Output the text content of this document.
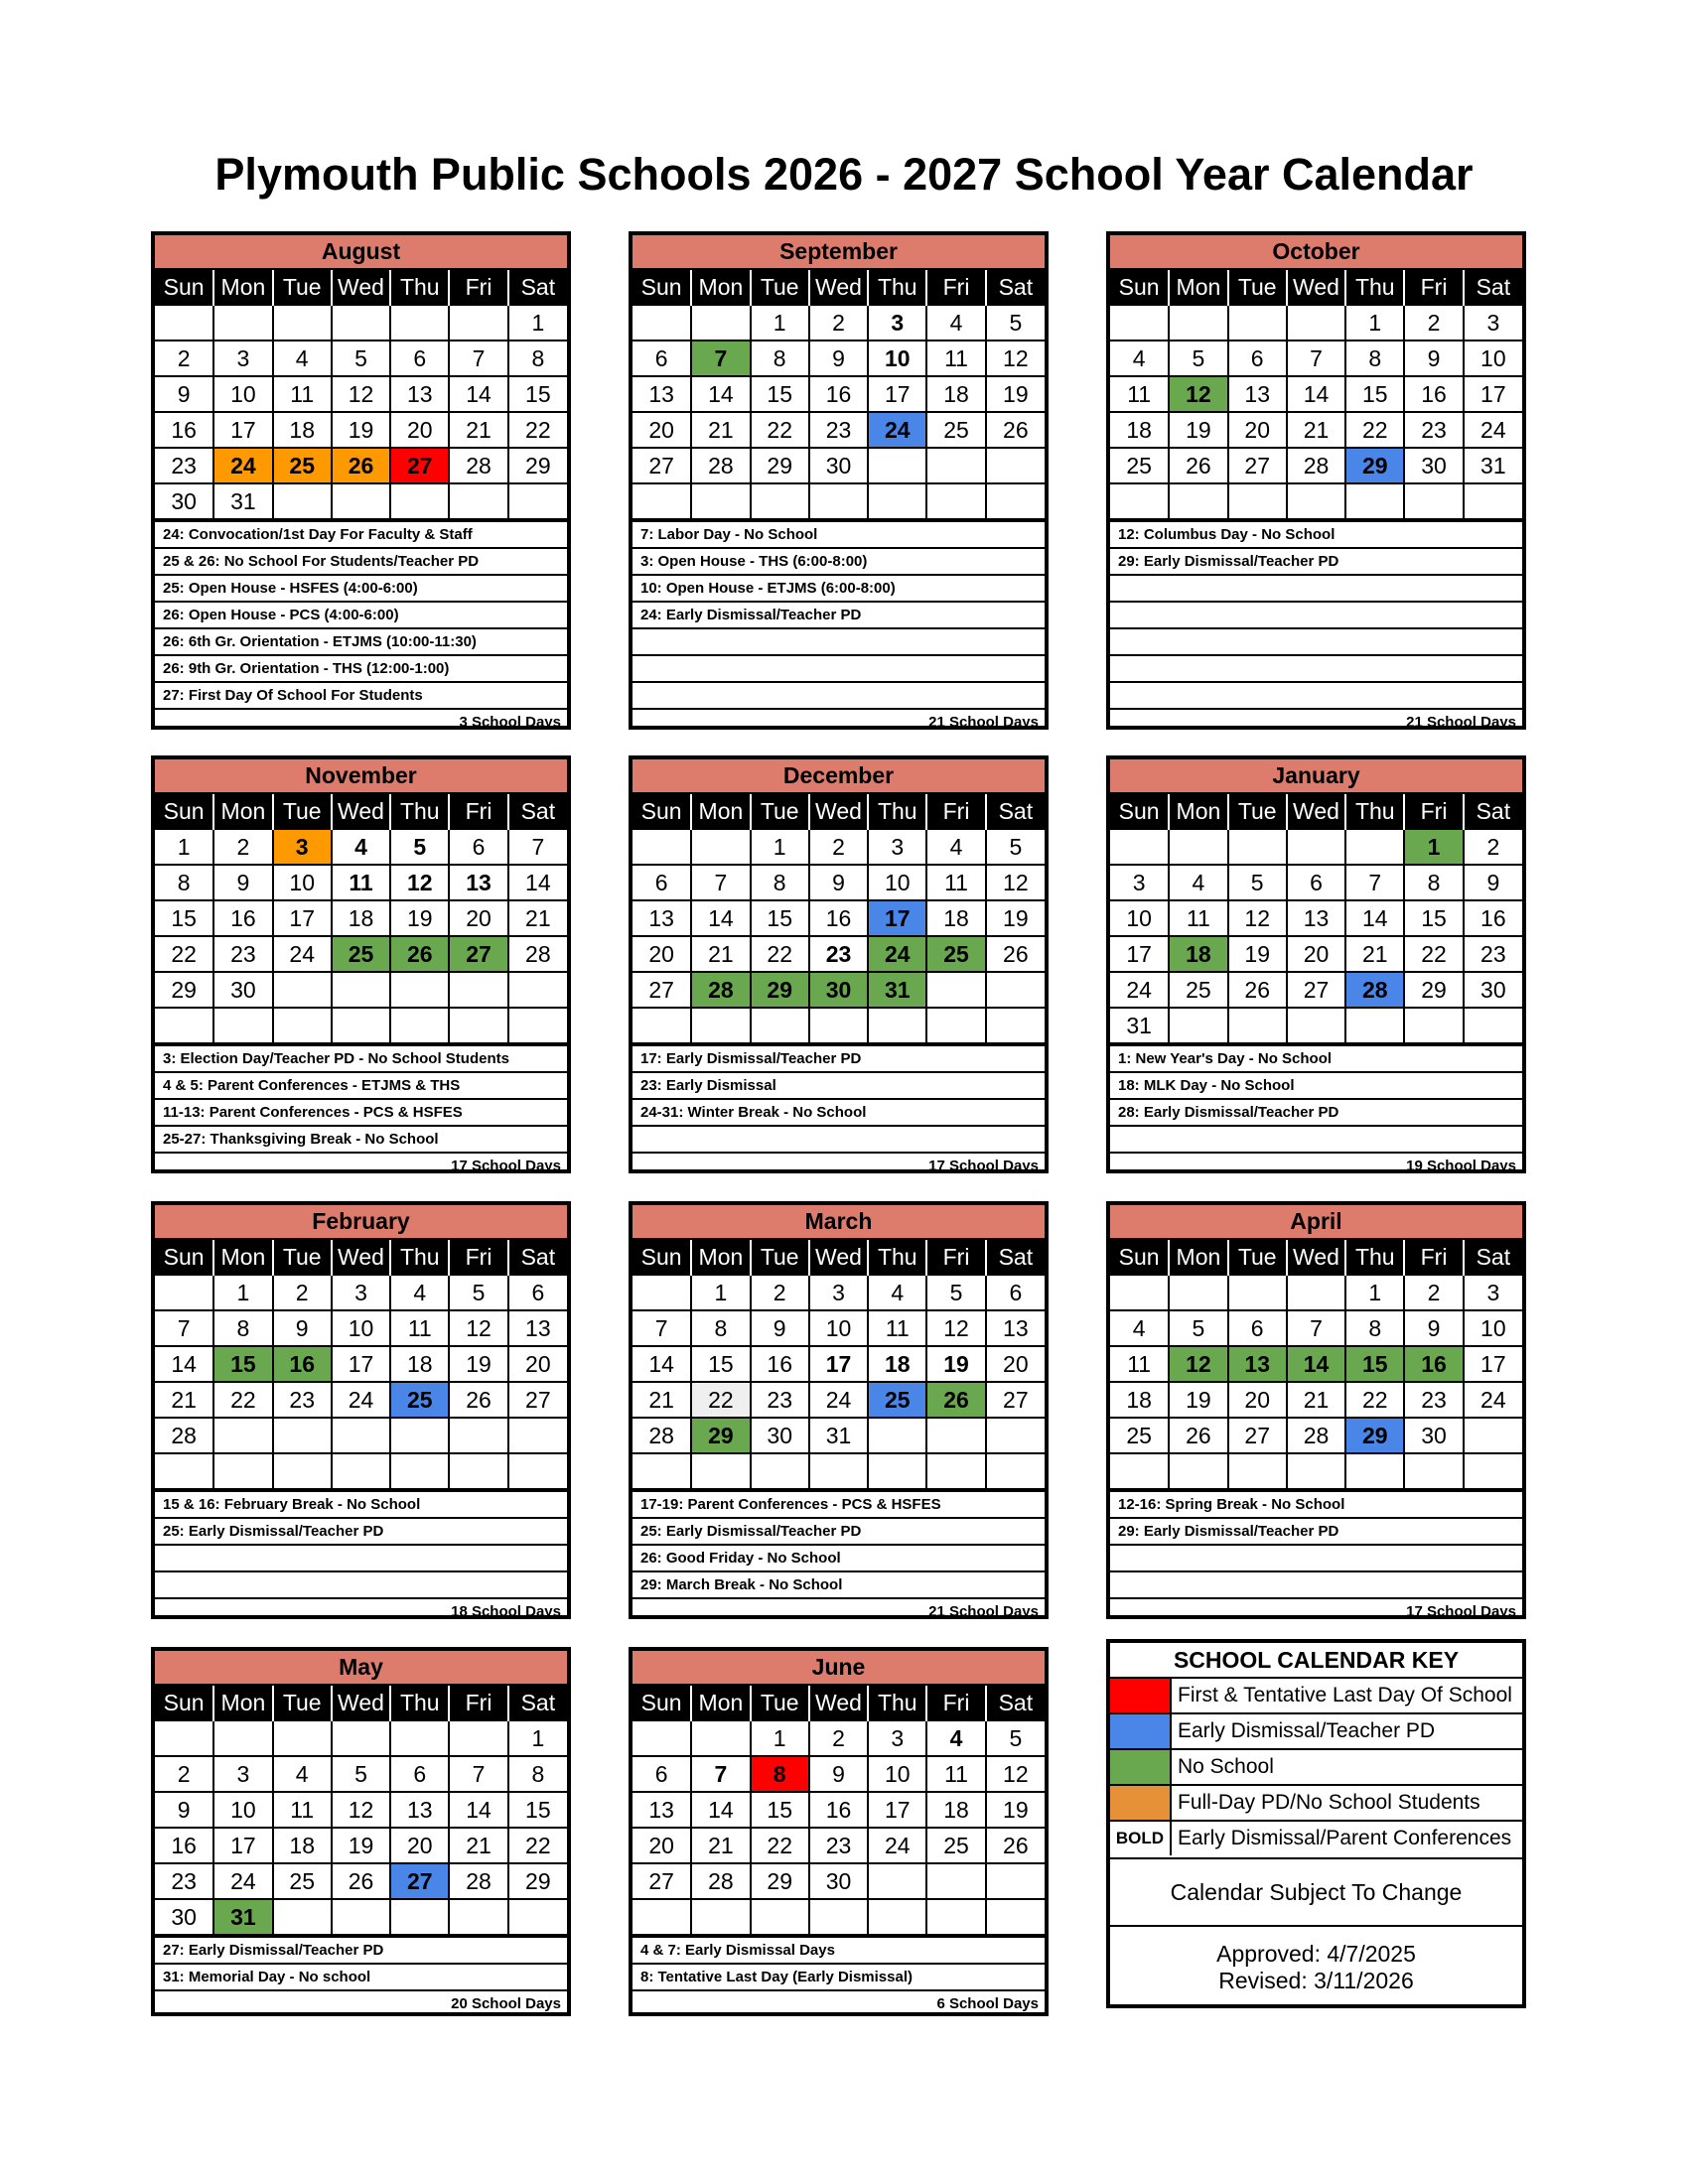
Plymouth Public Schools 2026 - 2027 School Year Calendar
August
Sun	Mon	Tue	Wed	Thu	Fri	Sat
						1
2	3	4	5	6	7	8
9	10	11	12	13	14	15
16	17	18	19	20	21	22
23	24	25	26	27	28	29
30	31					
24: Convocation/1st Day For Faculty & Staff
25 & 26: No School For Students/Teacher PD
25: Open House - HSFES (4:00-6:00)
26: Open House - PCS (4:00-6:00)
26: 6th Gr. Orientation - ETJMS (10:00-11:30)
26: 9th Gr. Orientation - THS (12:00-1:00)
27: First Day Of School For Students
3 School Days
September
Sun	Mon	Tue	Wed	Thu	Fri	Sat
		1	2	3	4	5
6	7	8	9	10	11	12
13	14	15	16	17	18	19
20	21	22	23	24	25	26
27	28	29	30			

7: Labor Day - No School
3: Open House - THS (6:00-8:00)
10: Open House - ETJMS (6:00-8:00)
24: Early Dismissal/Teacher PD
21 School Days
October
Sun	Mon	Tue	Wed	Thu	Fri	Sat
				1	2	3
4	5	6	7	8	9	10
11	12	13	14	15	16	17
18	19	20	21	22	23	24
25	26	27	28	29	30	31

12: Columbus Day - No School
29: Early Dismissal/Teacher PD
21 School Days
November
Sun	Mon	Tue	Wed	Thu	Fri	Sat
1	2	3	4	5	6	7
8	9	10	11	12	13	14
15	16	17	18	19	20	21
22	23	24	25	26	27	28
29	30					

3: Election Day/Teacher PD - No School Students
4 & 5: Parent Conferences - ETJMS & THS
11-13: Parent Conferences - PCS & HSFES
25-27: Thanksgiving Break - No School
17 School Days
December
Sun	Mon	Tue	Wed	Thu	Fri	Sat
		1	2	3	4	5
6	7	8	9	10	11	12
13	14	15	16	17	18	19
20	21	22	23	24	25	26
27	28	29	30	31		

17: Early Dismissal/Teacher PD
23: Early Dismissal
24-31: Winter Break - No School
17 School Days
January
Sun	Mon	Tue	Wed	Thu	Fri	Sat
					1	2
3	4	5	6	7	8	9
10	11	12	13	14	15	16
17	18	19	20	21	22	23
24	25	26	27	28	29	30
31						
1: New Year's Day - No School
18: MLK Day - No School
28: Early Dismissal/Teacher PD
19 School Days
February
Sun	Mon	Tue	Wed	Thu	Fri	Sat
	1	2	3	4	5	6
7	8	9	10	11	12	13
14	15	16	17	18	19	20
21	22	23	24	25	26	27
28						

15 & 16: February Break - No School
25: Early Dismissal/Teacher PD
18 School Days
March
Sun	Mon	Tue	Wed	Thu	Fri	Sat
	1	2	3	4	5	6
7	8	9	10	11	12	13
14	15	16	17	18	19	20
21	22	23	24	25	26	27
28	29	30	31			

17-19: Parent Conferences - PCS & HSFES
25: Early Dismissal/Teacher PD
26: Good Friday - No School
29: March Break - No School
21 School Days
April
Sun	Mon	Tue	Wed	Thu	Fri	Sat
				1	2	3
4	5	6	7	8	9	10
11	12	13	14	15	16	17
18	19	20	21	22	23	24
25	26	27	28	29	30	

12-16: Spring Break - No School
29: Early Dismissal/Teacher PD
17 School Days
May
Sun	Mon	Tue	Wed	Thu	Fri	Sat
						1
2	3	4	5	6	7	8
9	10	11	12	13	14	15
16	17	18	19	20	21	22
23	24	25	26	27	28	29
30	31					
27: Early Dismissal/Teacher PD
31: Memorial Day - No school
20 School Days
June
Sun	Mon	Tue	Wed	Thu	Fri	Sat
		1	2	3	4	5
6	7	8	9	10	11	12
13	14	15	16	17	18	19
20	21	22	23	24	25	26
27	28	29	30			

4 & 7: Early Dismissal Days
8: Tentative Last Day (Early Dismissal)
6 School Days
SCHOOL CALENDAR KEY
First & Tentative Last Day Of School
Early Dismissal/Teacher PD
No School
Full-Day PD/No School Students
BOLD Early Dismissal/Parent Conferences
Calendar Subject To Change
Approved: 4/7/2025
Revised: 3/11/2026
